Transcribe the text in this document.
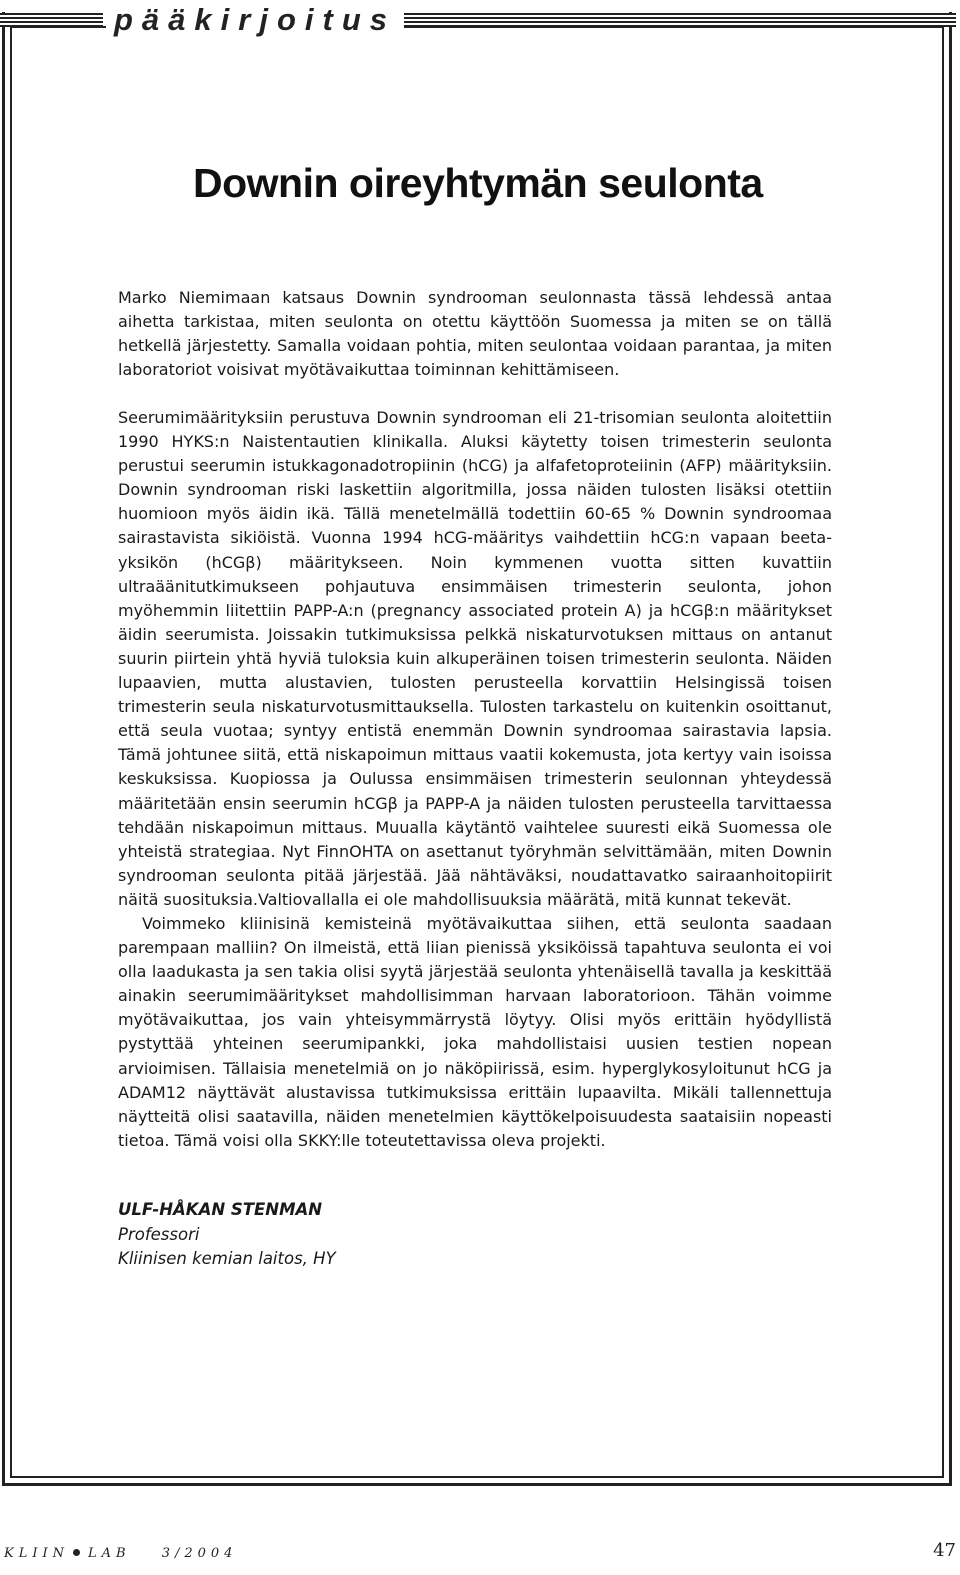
pääkirjoitus
Downin oireyhtymän seulonta

Marko Niemimaan katsaus Downin syndrooman seulonnasta tässä lehdessä antaa aihetta tarkistaa, miten seulonta on otettu käyttöön Suomessa ja miten se on tällä hetkellä järjestetty. Samalla voidaan pohtia, miten seulontaa voidaan parantaa, ja miten laboratoriot voisivat myötävaikuttaa toiminnan kehittämiseen.

Seerumimäärityksiin perustuva Downin syndrooman eli 21-trisomian seulonta aloitettiin 1990 HYKS:n Naistentautien klinikalla. Aluksi käytetty toisen trimesterin seulonta perustui seerumin istukkagonadotropiinin (hCG) ja alfafetoproteiinin (AFP) määrityksiin. Downin syndrooman riski laskettiin algoritmilla, jossa näiden tulosten lisäksi otettiin huomioon myös äidin ikä. Tällä menetelmällä todettiin 60-65 % Downin syndroomaa sairastavista sikiöistä. Vuonna 1994 hCG-määritys vaihdettiin hCG:n vapaan beeta-yksikön (hCGβ) määritykseen. Noin kymmenen vuotta sitten kuvattiin ultraäänitutkimukseen pohjautuva ensimmäisen trimesterin seulonta, johon myöhemmin liitettiin PAPP-A:n (pregnancy associated protein A) ja hCGβ:n määritykset äidin seerumista. Joissakin tutkimuksissa pelkkä niskaturvotuksen mittaus on antanut suurin piirtein yhtä hyviä tuloksia kuin alkuperäinen toisen trimesterin seulonta. Näiden lupaavien, mutta alustavien, tulosten perusteella korvattiin Helsingissä toisen trimesterin seula niskaturvotusmittauksella. Tulosten tarkastelu on kuitenkin osoittanut, että seula vuotaa; syntyy entistä enemmän Downin syndroomaa sairastavia lapsia. Tämä johtunee siitä, että niskapoimun mittaus vaatii kokemusta, jota kertyy vain isoissa keskuksissa. Kuopiossa ja Oulussa ensimmäisen trimesterin seulonnan yhteydessä määritetään ensin seerumin hCGβ ja PAPP-A ja näiden tulosten perusteella tarvittaessa tehdään niskapoimun mittaus. Muualla käytäntö vaihtelee suuresti eikä Suomessa ole yhteistä strategiaa. Nyt FinnOHTA on asettanut työryhmän selvittämään, miten Downin syndrooman seulonta pitää järjestää. Jää nähtäväksi, noudattavatko sairaanhoitopiirit näitä suosituksia.Valtiovallalla ei ole mahdollisuuksia määrätä, mitä kunnat tekevät.

Voimmeko kliinisinä kemisteinä myötävaikuttaa siihen, että seulonta saadaan parempaan malliin? On ilmeistä, että liian pienissä yksiköissä tapahtuva seulonta ei voi olla laadukasta ja sen takia olisi syytä järjestää seulonta yhtenäisellä tavalla ja keskittää ainakin seerumimääritykset mahdollisimman harvaan laboratorioon. Tähän voimme myötävaikuttaa, jos vain yhteisymmärrystä löytyy. Olisi myös erittäin hyödyllistä pystyttää yhteinen seerumipankki, joka mahdollistaisi uusien testien nopean arvioimisen. Tällaisia menetelmiä on jo näköpiirissä, esim. hyperglykosyloitunut hCG ja ADAM12 näyttävät alustavissa tutkimuksissa erittäin lupaavilta. Mikäli tallennettuja näytteitä olisi saatavilla, näiden menetelmien käyttökelpoisuudesta saataisiin nopeasti tietoa. Tämä voisi olla SKKY:lle toteutettavissa oleva projekti.

ULF-HÅKAN STENMAN
Professori
Kliinisen kemian laitos, HY
KLIIN LAB 3/2004	47
